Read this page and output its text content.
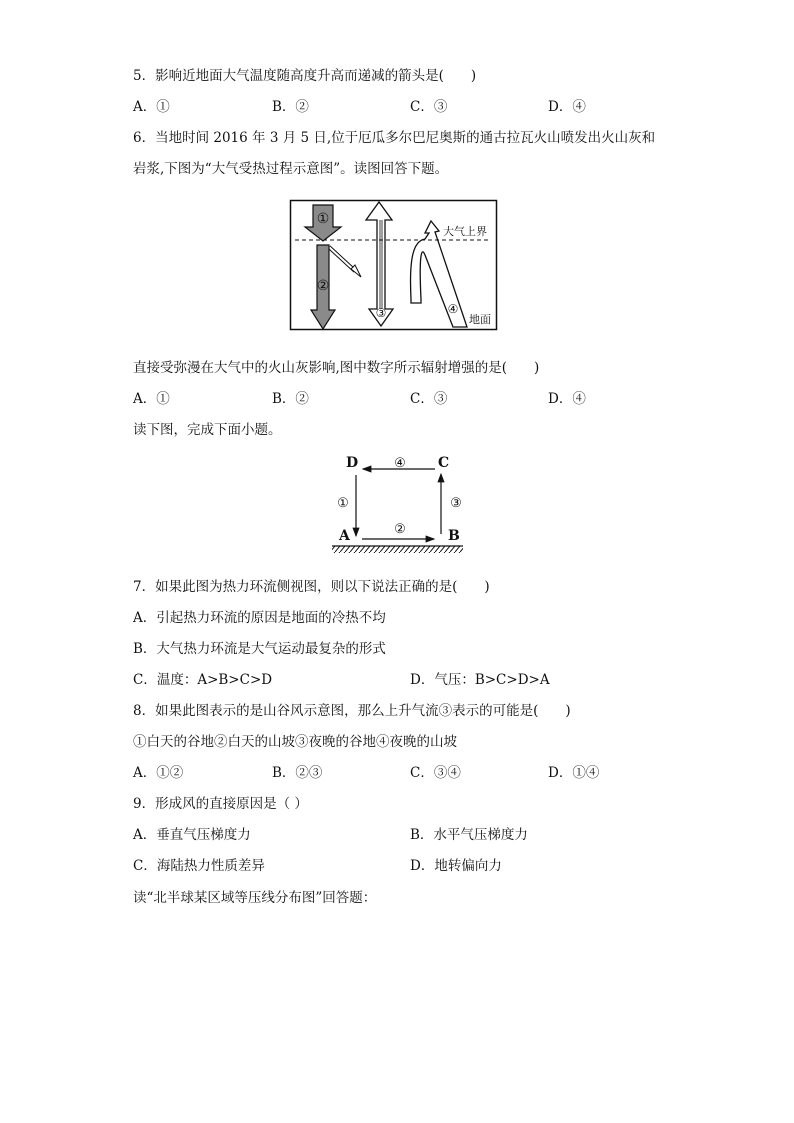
5．影响近地面大气温度随高度升高而递减的箭头是(　　)
A．①	B．②	C．③	D．④
6．当地时间 2016 年 3 月 5 日,位于厄瓜多尔巴尼奥斯的通古拉瓦火山喷发出火山灰和
岩浆,下图为“大气受热过程示意图”。读图回答下题。
①
②
③	④
大气上界
地面
直接受弥漫在大气中的火山灰影响,图中数字所示辐射增强的是(　　)
A．①	B．②	C．③	D．④
读下图，完成下面小题。
D	C
A	B
④
①	③
②
7．如果此图为热力环流侧视图，则以下说法正确的是(　　)
A．引起热力环流的原因是地面的冷热不均
B．大气热力环流是大气运动最复杂的形式
C．温度：A>B>C>D	D．气压：B>C>D>A
8．如果此图表示的是山谷风示意图，那么上升气流③表示的可能是(　　)
①白天的谷地②白天的山坡③夜晚的谷地④夜晚的山坡
A．①②	B．②③	C．③④	D．①④
9．形成风的直接原因是（ ）
A．垂直气压梯度力	B．水平气压梯度力
C．海陆热力性质差异	D．地转偏向力
读“北半球某区域等压线分布图”回答题：
